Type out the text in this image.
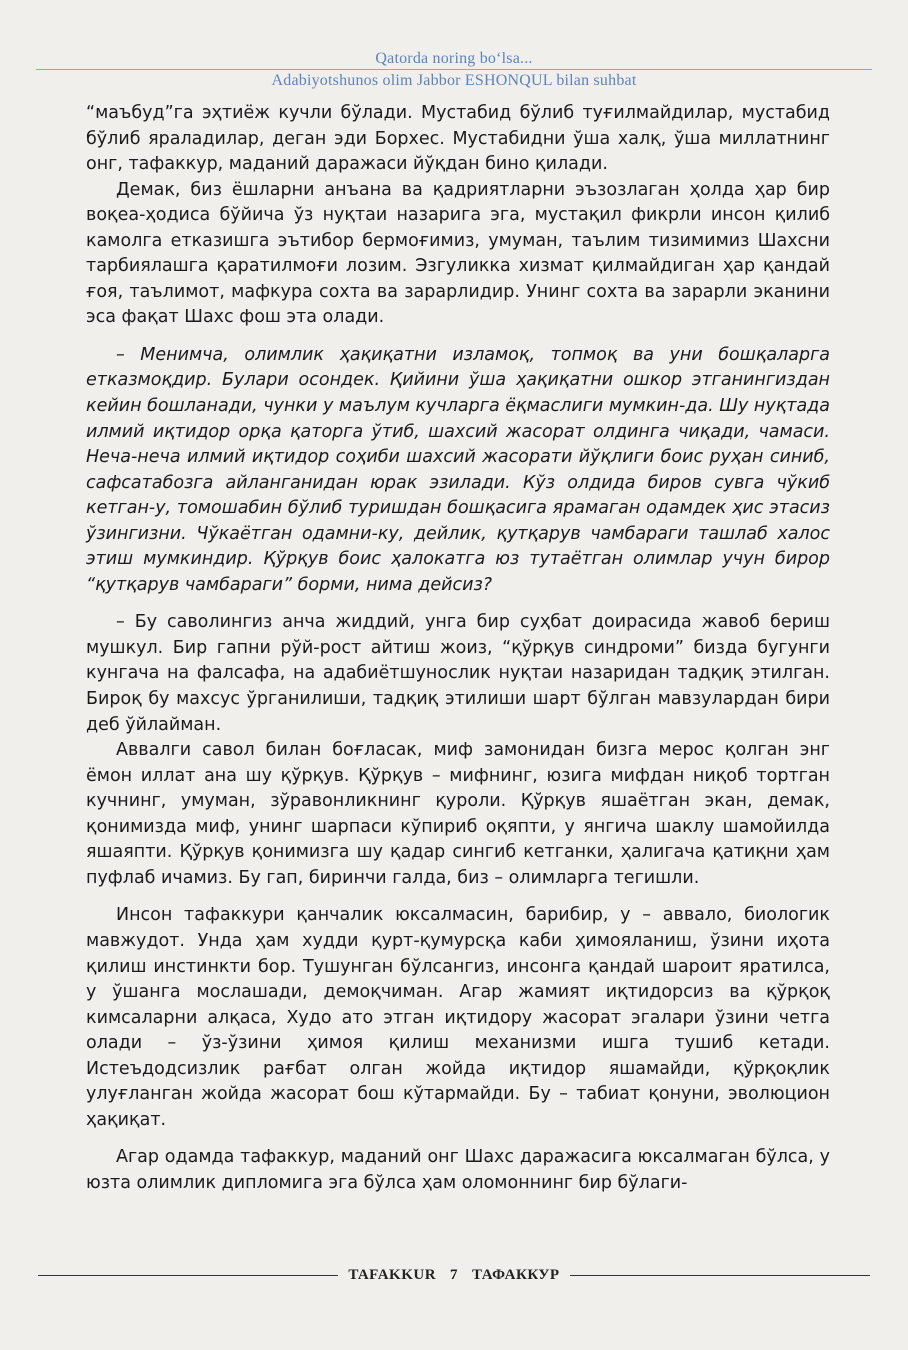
Qatorda noring bo‘lsa...
Adabiyotshunos olim Jabbor ESHONQUL bilan suhbat

“маъбуд”га эҳтиёж кучли бўлади. Мустабид бўлиб туғилмайдилар, мустабид бўлиб яраладилар, деган эди Борхес. Мустабидни ўша халқ, ўша миллатнинг онг, тафаккур, маданий даражаси йўқдан бино қилади.

Демак, биз ёшларни анъана ва қадриятларни эъзозлаган ҳолда ҳар бир воқеа-ҳодиса бўйича ўз нуқтаи назарига эга, мустақил фикрли инсон қилиб камолга етказишга эътибор бермоғимиз, умуман, таълим тизимимиз Шахсни тарбиялашга қаратилмоғи лозим. Эзгуликка хизмат қилмайдиган ҳар қандай ғоя, таълимот, мафкура сохта ва зарарлидир. Унинг сохта ва зарарли эканини эса фақат Шахс фош эта олади.

– Менимча, олимлик ҳақиқатни изламоқ, топмоқ ва уни бошқаларга етказмоқдир. Булари осондек. Қийини ўша ҳақиқатни ошкор этганингиздан кейин бошланади, чунки у маълум кучларга ёқмаслиги мумкин-да. Шу нуқтада илмий иқтидор орқа қаторга ўтиб, шахсий жасорат олдинга чиқади, чамаси. Неча-неча илмий иқтидор соҳиби шахсий жасорати йўқлиги боис руҳан синиб, сафсатабозга айланганидан юрак эзилади. Кўз олдида биров сувга чўкиб кетган-у, томошабин бўлиб туришдан бошқасига ярамаган одамдек ҳис этасиз ўзингизни. Чўкаётган одамни-ку, дейлик, қутқарув чамбараги ташлаб халос этиш мумкиндир. Қўрқув боис ҳалокатга юз тутаётган олимлар учун бирор “қутқарув чамбараги” борми, нима дейсиз?

– Бу саволингиз анча жиддий, унга бир суҳбат доирасида жавоб бериш мушкул. Бир гапни рўй-рост айтиш жоиз, “қўрқув синдроми” бизда бугунги кунгача на фалсафа, на адабиётшунослик нуқтаи назаридан тадқиқ этилган. Бироқ бу махсус ўрганилиши, тадқиқ этилиши шарт бўлган мавзулардан бири деб ўйлайман.

Аввалги савол билан боғласак, миф замонидан бизга мерос қолган энг ёмон иллат ана шу қўрқув. Қўрқув – мифнинг, юзига мифдан ниқоб тортган кучнинг, умуман, зўравонликнинг қуроли. Қўрқув яшаётган экан, демак, қонимизда миф, унинг шарпаси кўпириб оқяпти, у янгича шаклу шамойилда яшаяпти. Қўрқув қонимизга шу қадар сингиб кетганки, ҳалигача қатиқни ҳам пуфлаб ичамиз. Бу гап, биринчи галда, биз – олимларга тегишли.

Инсон тафаккури қанчалик юксалмасин, барибир, у – аввало, биологик мавжудот. Унда ҳам худди қурт-қумурсқа каби ҳимояланиш, ўзини иҳота қилиш инстинкти бор. Тушунган бўлсангиз, инсонга қандай шароит яратилса, у ўшанга мослашади, демоқчиман. Агар жамият иқтидорсиз ва қўрқоқ кимсаларни алқаса, Худо ато этган иқтидору жасорат эгалари ўзини четга олади – ўз-ўзини ҳимоя қилиш механизми ишга тушиб кетади. Истеъдодсизлик рағбат олган жойда иқтидор яшамайди, қўрқоқлик улуғланган жойда жасорат бош кўтармайди. Бу – табиат қонуни, эволюцион ҳақиқат.

Агар одамда тафаккур, маданий онг Шахс даражасига юксалмаган бўлса, у юзта олимлик дипломига эга бўлса ҳам оломоннинг бир бўлаги-

TAFAKKUR 7 ТАФАККУР
